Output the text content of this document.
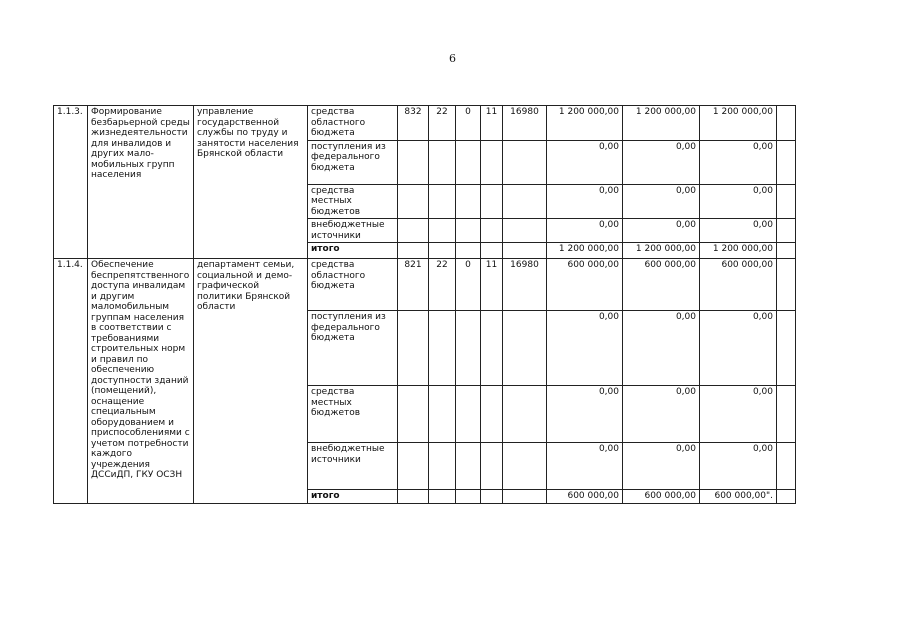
6
1.1.3.	Формирование безбарьерной среды жизнедеятельности для инвалидов и других мало-мобильных групп населения	управление государственной службы по труду и занятости населения Брянской области	средства областного бюджета	832	22	0	11	16980	1 200 000,00	1 200 000,00	1 200 000,00	
			поступления из федерального бюджета						0,00	0,00	0,00	
			средства местных бюджетов						0,00	0,00	0,00	
			внебюджетные источники						0,00	0,00	0,00	
			итого						1 200 000,00	1 200 000,00	1 200 000,00	
1.1.4.	Обеспечение беспрепятственного доступа инвалидам и другим маломобильным группам населения в соответствии с требованиями строительных норм и правил по обеспечению доступности зданий (помещений), оснащение специальным оборудованием и приспособлениями с учетом потребности каждого учреждения ДССиДП, ГКУ ОСЗН	департамент семьи, социальной и демо-графической политики Брянской области	средства областного бюджета	821	22	0	11	16980	600 000,00	600 000,00	600 000,00	
			поступления из федерального бюджета						0,00	0,00	0,00	
			средства местных бюджетов						0,00	0,00	0,00	
			внебюджетные источники						0,00	0,00	0,00	
			итого						600 000,00	600 000,00	600 000,00".	
